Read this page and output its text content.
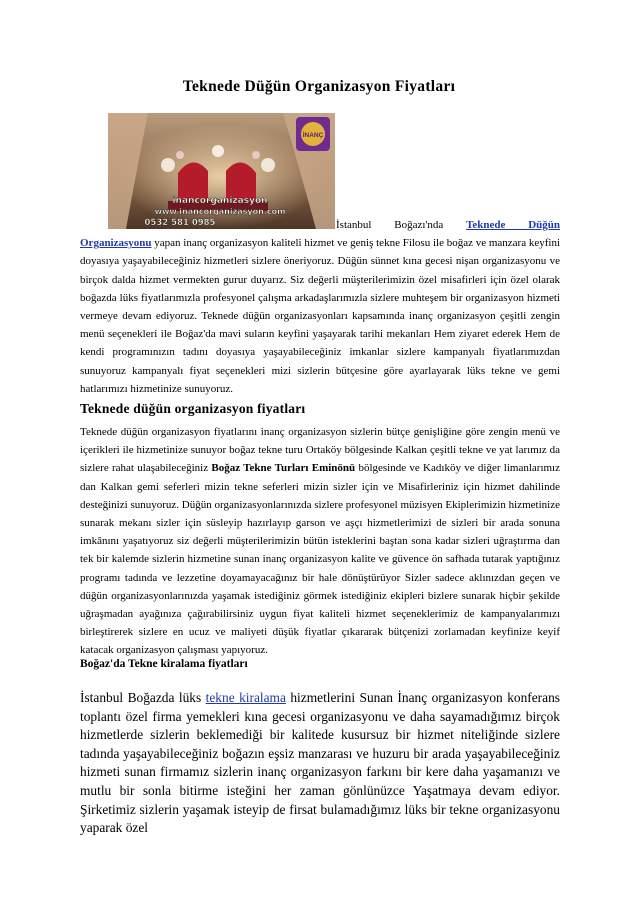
Teknede Düğün Organizasyon Fiyatları
İNANÇ
inancorganizasyon
www.inancorganizasyon.com
0532 581 0985	İstanbul Boğazı'nda Teknede Düğün Organizasyonu yapan inanç organizasyon kaliteli hizmet ve geniş tekne Filosu ile boğaz ve manzara keyfini doyasıya yaşayabileceğiniz hizmetleri sizlere öneriyoruz. Düğün sünnet kına gecesi nişan organizasyonu ve birçok dalda hizmet vermekten gurur duyarız. Siz değerli müşterilerimizin özel misafirleri için özel olarak boğazda lüks fiyatlarımızla profesyonel çalışma arkadaşlarımızla sizlere muhteşem bir organizasyon hizmeti vermeye devam ediyoruz. Teknede düğün organizasyonları kapsamında inanç organizasyon çeşitli zengin menü seçenekleri ile Boğaz'da mavi suların keyfini yaşayarak tarihi mekanları Hem ziyaret ederek Hem de kendi programınızın tadını doyasıya yaşayabileceğiniz imkanlar sizlere kampanyalı fiyatlarımızdan sunuyoruz kampanyalı fiyat seçenekleri mizi sizlerin bütçesine göre ayarlayarak lüks tekne ve gemi hatlarımızı hizmetinize sunuyoruz.

Teknede düğün organizasyon fiyatları

Teknede düğün organizasyon fiyatlarını inanç organizasyon sizlerin bütçe genişliğine göre zengin menü ve içerikleri ile hizmetinize sunuyor boğaz tekne turu Ortaköy bölgesinde Kalkan çeşitli tekne ve yat larımız da sizlere rahat ulaşabileceğiniz Boğaz Tekne Turları Eminönü bölgesinde ve Kadıköy ve diğer limanlarımız dan Kalkan gemi seferleri mizin tekne seferleri mizin sizler için ve Misafirleriniz için hizmet dahilinde desteğinizi sunuyoruz. Düğün organizasyonlarınızda sizlere profesyonel müzisyen Ekiplerimizin hizmetinize sunarak mekanı sizler için süsleyip hazırlayıp garson ve aşçı hizmetlerimizi de sizleri bir arada sonuna imkânını yaşatıyoruz siz değerli müşterilerimizin bütün isteklerini baştan sona kadar sizleri uğraştırma dan tek bir kalemde sizlerin hizmetine sunan inanç organizasyon kalite ve güvence ön safhada tutarak yaptığınız programı tadında ve lezzetine doyamayacağınız bir hale dönüştürüyor Sizler sadece aklınızdan geçen ve düğün organizasyonlarınızda yaşamak istediğiniz görmek istediğiniz ekipleri bizlere sunarak hiçbir şekilde uğraşmadan ayağınıza çağırabilirsiniz uygun fiyat kaliteli hizmet seçeneklerimiz de kampanyalarımızı birleştirerek sizlere en ucuz ve maliyeti düşük fiyatlar çıkararak bütçenizi zorlamadan keyfinize keyif katacak organizasyon çalışması yapıyoruz.

Boğaz'da Tekne kiralama fiyatları

İstanbul Boğazda lüks tekne kiralama hizmetlerini Sunan İnanç organizasyon konferans toplantı özel firma yemekleri kına gecesi organizasyonu ve daha sayamadığımız birçok hizmetlerde sizlerin beklemediği bir kalitede kusursuz bir hizmet niteliğinde sizlere tadında yaşayabileceğiniz boğazın eşsiz manzarası ve huzuru bir arada yaşayabileceğiniz hizmeti sunan firmamız sizlerin inanç organizasyon farkını bir kere daha yaşamanızı ve mutlu bir sonla bitirme isteğini her zaman gönlünüzce Yaşatmaya devam ediyor. Şirketimiz sizlerin yaşamak isteyip de firsat bulamadığımız lüks bir tekne organizasyonu yaparak özel
